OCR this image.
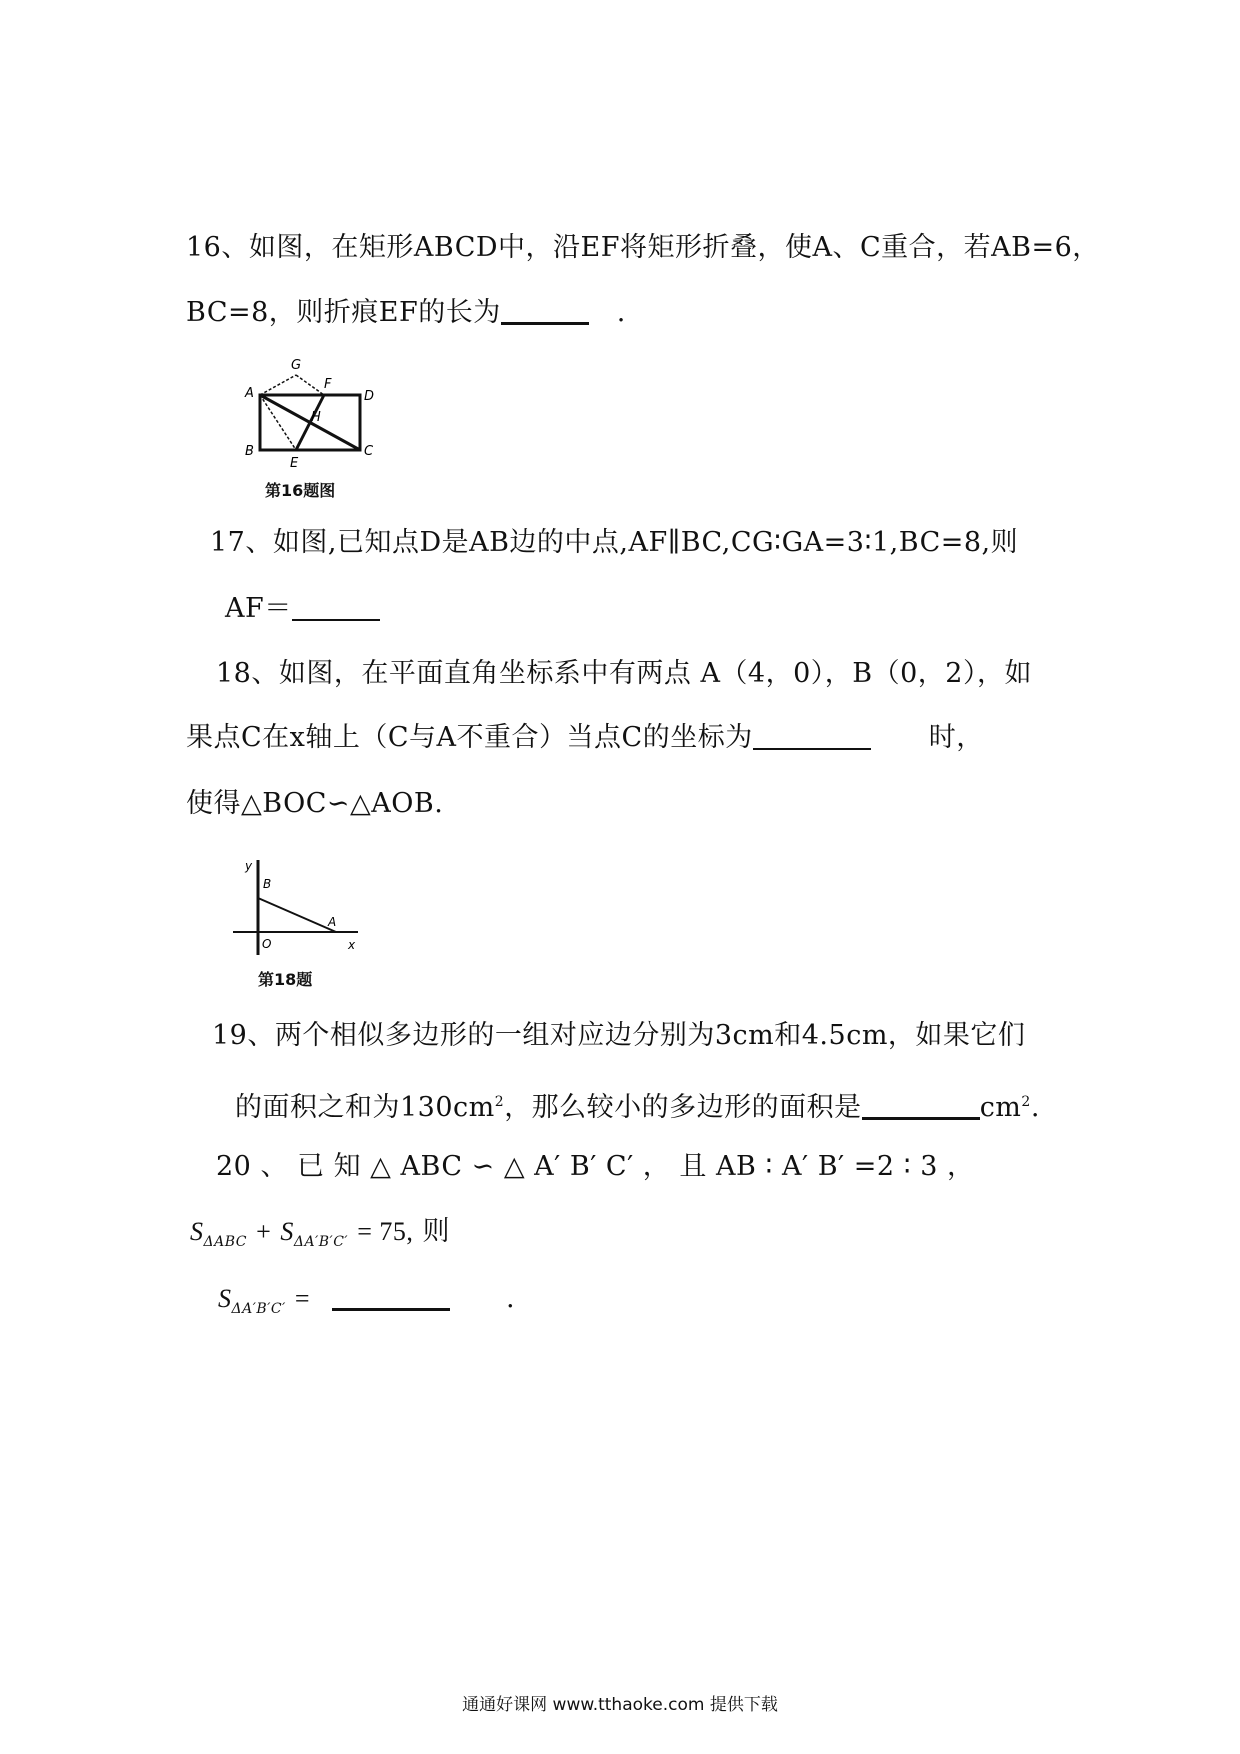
16、如图，在矩形ABCD中，沿EF将矩形折叠，使A、C重合，若AB=6，
BC=8，则折痕EF的长为	.
G
A
F
D
H
B
E
C
第16题图
17、如图,已知点D是AB边的中点,AF∥BC,CG∶GA=3∶1,BC=8,则
AF＝
18、如图，在平面直角坐标系中有两点 A（4，0），B（0，2），如
果点C在x轴上（C与A不重合）当点C的坐标为	时，
使得△BOC∽△AOB.
y
B
A
O	x
第18题
19、两个相似多边形的一组对应边分别为3cm和4.5cm，如果它们
的面积之和为$130cm^2$，那么较小的多边形的面积是	$cm^2$.
20 、 已 知 △ ABC ∽ △ A′ B′ C′ ， 且 AB ∶ A′ B′ =2 ∶ 3 ，
$S_{\Delta ABC} + S_{\Delta A'B'C'} = 75$, 则
$S_{\Delta A'B'C'}$ =	.
通通好课网 www.tthaoke.com 提供下载
